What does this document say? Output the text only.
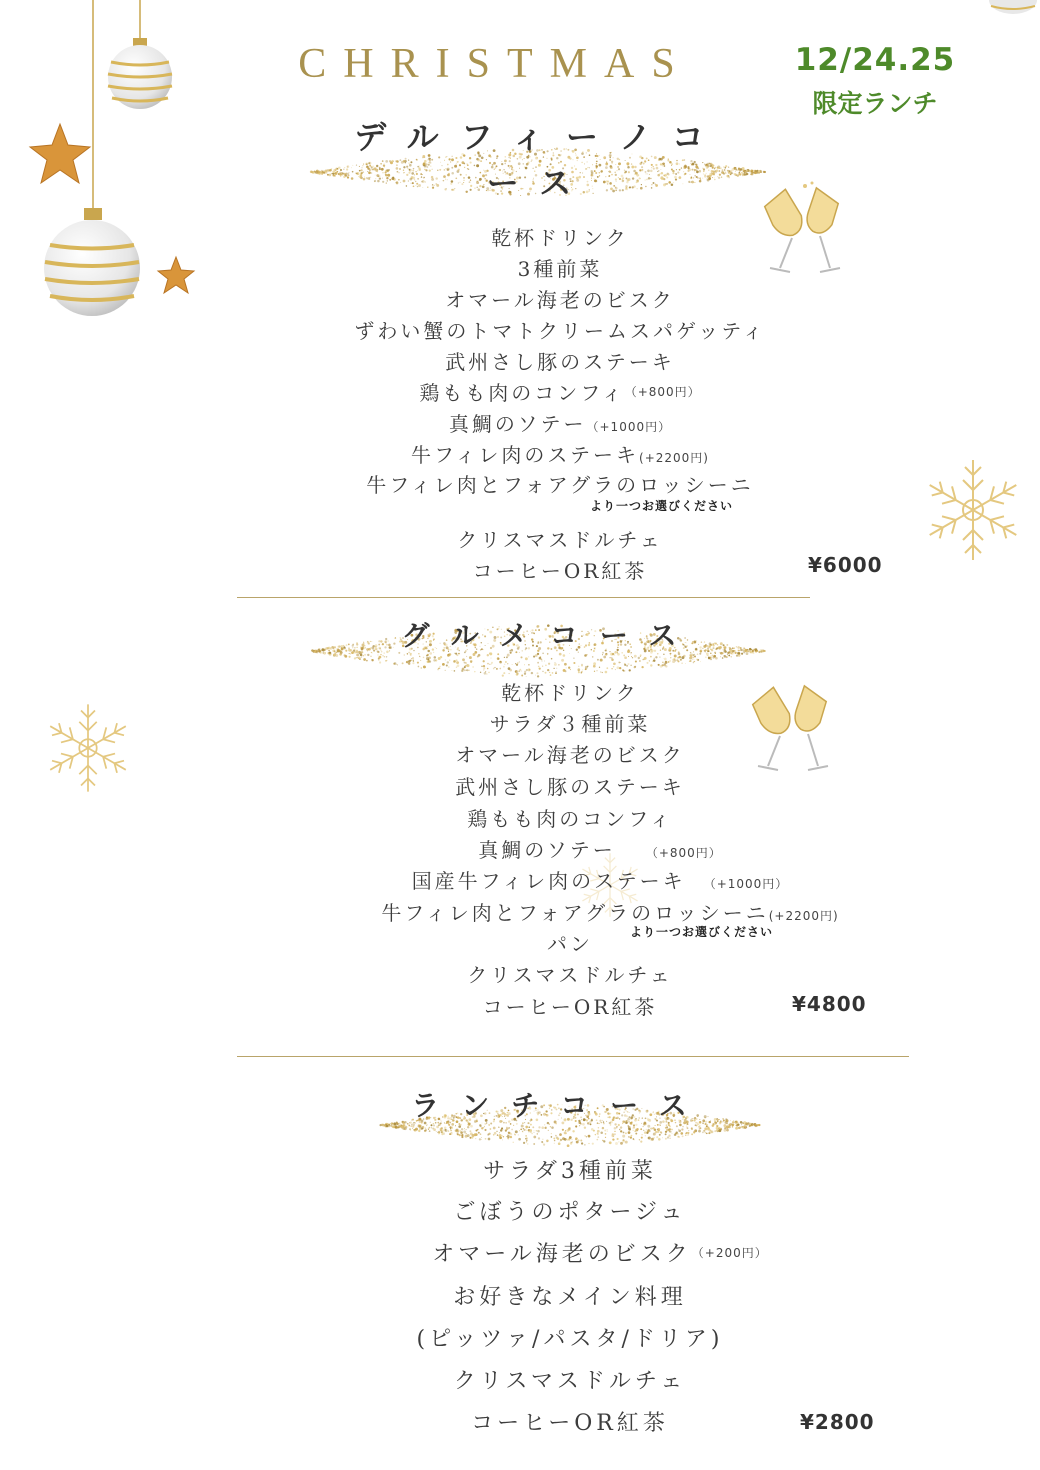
CHRISTMAS	12/24.25
限定ランチ
デルフィーノコース
乾杯ドリンク
3種前菜
オマール海老のビスク
ずわい蟹のトマトクリームスパゲッティ
武州さし豚のステーキ
鶏もも肉のコンフィ$^{(+800円)}$
真鯛のソテー（+1000円）
牛フィレ肉のステーキ(+2200円)
牛フィレ肉とフォアグラのロッシーニ
より一つお選びください
クリスマスドルチェ
コーヒーOR紅茶	¥6000
グルメコース
乾杯ドリンク
サラダ３種前菜
オマール海老のビスク
武州さし豚のステーキ
鶏もも肉のコンフィ
真鯛のソテー	（+800円）
国産牛フィレ肉のステーキ （+1000円）
牛フィレ肉とフォアグラのロッシーニ(+2200円)
より一つお選びください
パン
クリスマスドルチェ
コーヒーOR紅茶	¥4800
ランチコース
サラダ3種前菜
ごぼうのポタージュ
オマール海老のビスク（+200円）
お好きなメイン料理
(ピッツァ/パスタ/ドリア)
クリスマスドルチェ
コーヒーOR紅茶	¥2800
